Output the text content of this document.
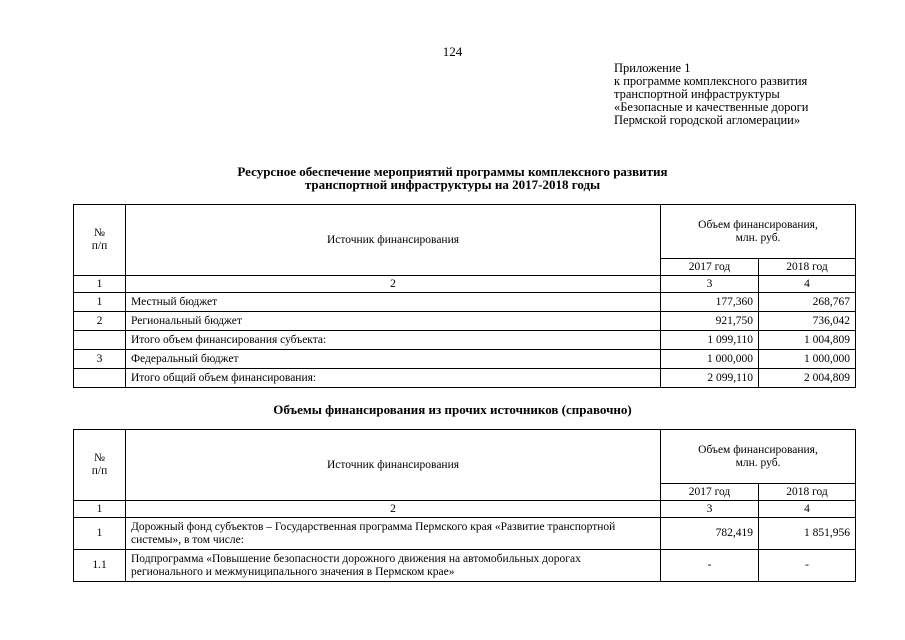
124
Приложение 1
к программе комплексного развития
транспортной инфраструктуры
«Безопасные и качественные дороги
Пермской городской агломерации»
Ресурсное обеспечение мероприятий программы комплексного развития
транспортной инфраструктуры на 2017-2018 годы
№
п/п	Источник финансирования	Объем финансирования,
млн. руб.	
		2017 год	2018 год
1	2	3	4
1	Местный бюджет	177,360	268,767
2	Региональный бюджет	921,750	736,042
	Итого объем финансирования субъекта:	1 099,110	1 004,809
3	Федеральный бюджет	1 000,000	1 000,000
	Итого общий объем финансирования:	2 099,110	2 004,809
Объемы финансирования из прочих источников (справочно)
№
п/п	Источник финансирования	Объем финансирования,
млн. руб.	
		2017 год	2018 год
1	2	3	4
1	Дорожный фонд субъектов – Государственная программа Пермского края «Развитие транспортной системы», в том числе:	782,419	1 851,956
1.1	Подпрограмма «Повышение безопасности дорожного движения на автомобильных дорогах регионального и межмуниципального значения в Пермском крае»	-	-
